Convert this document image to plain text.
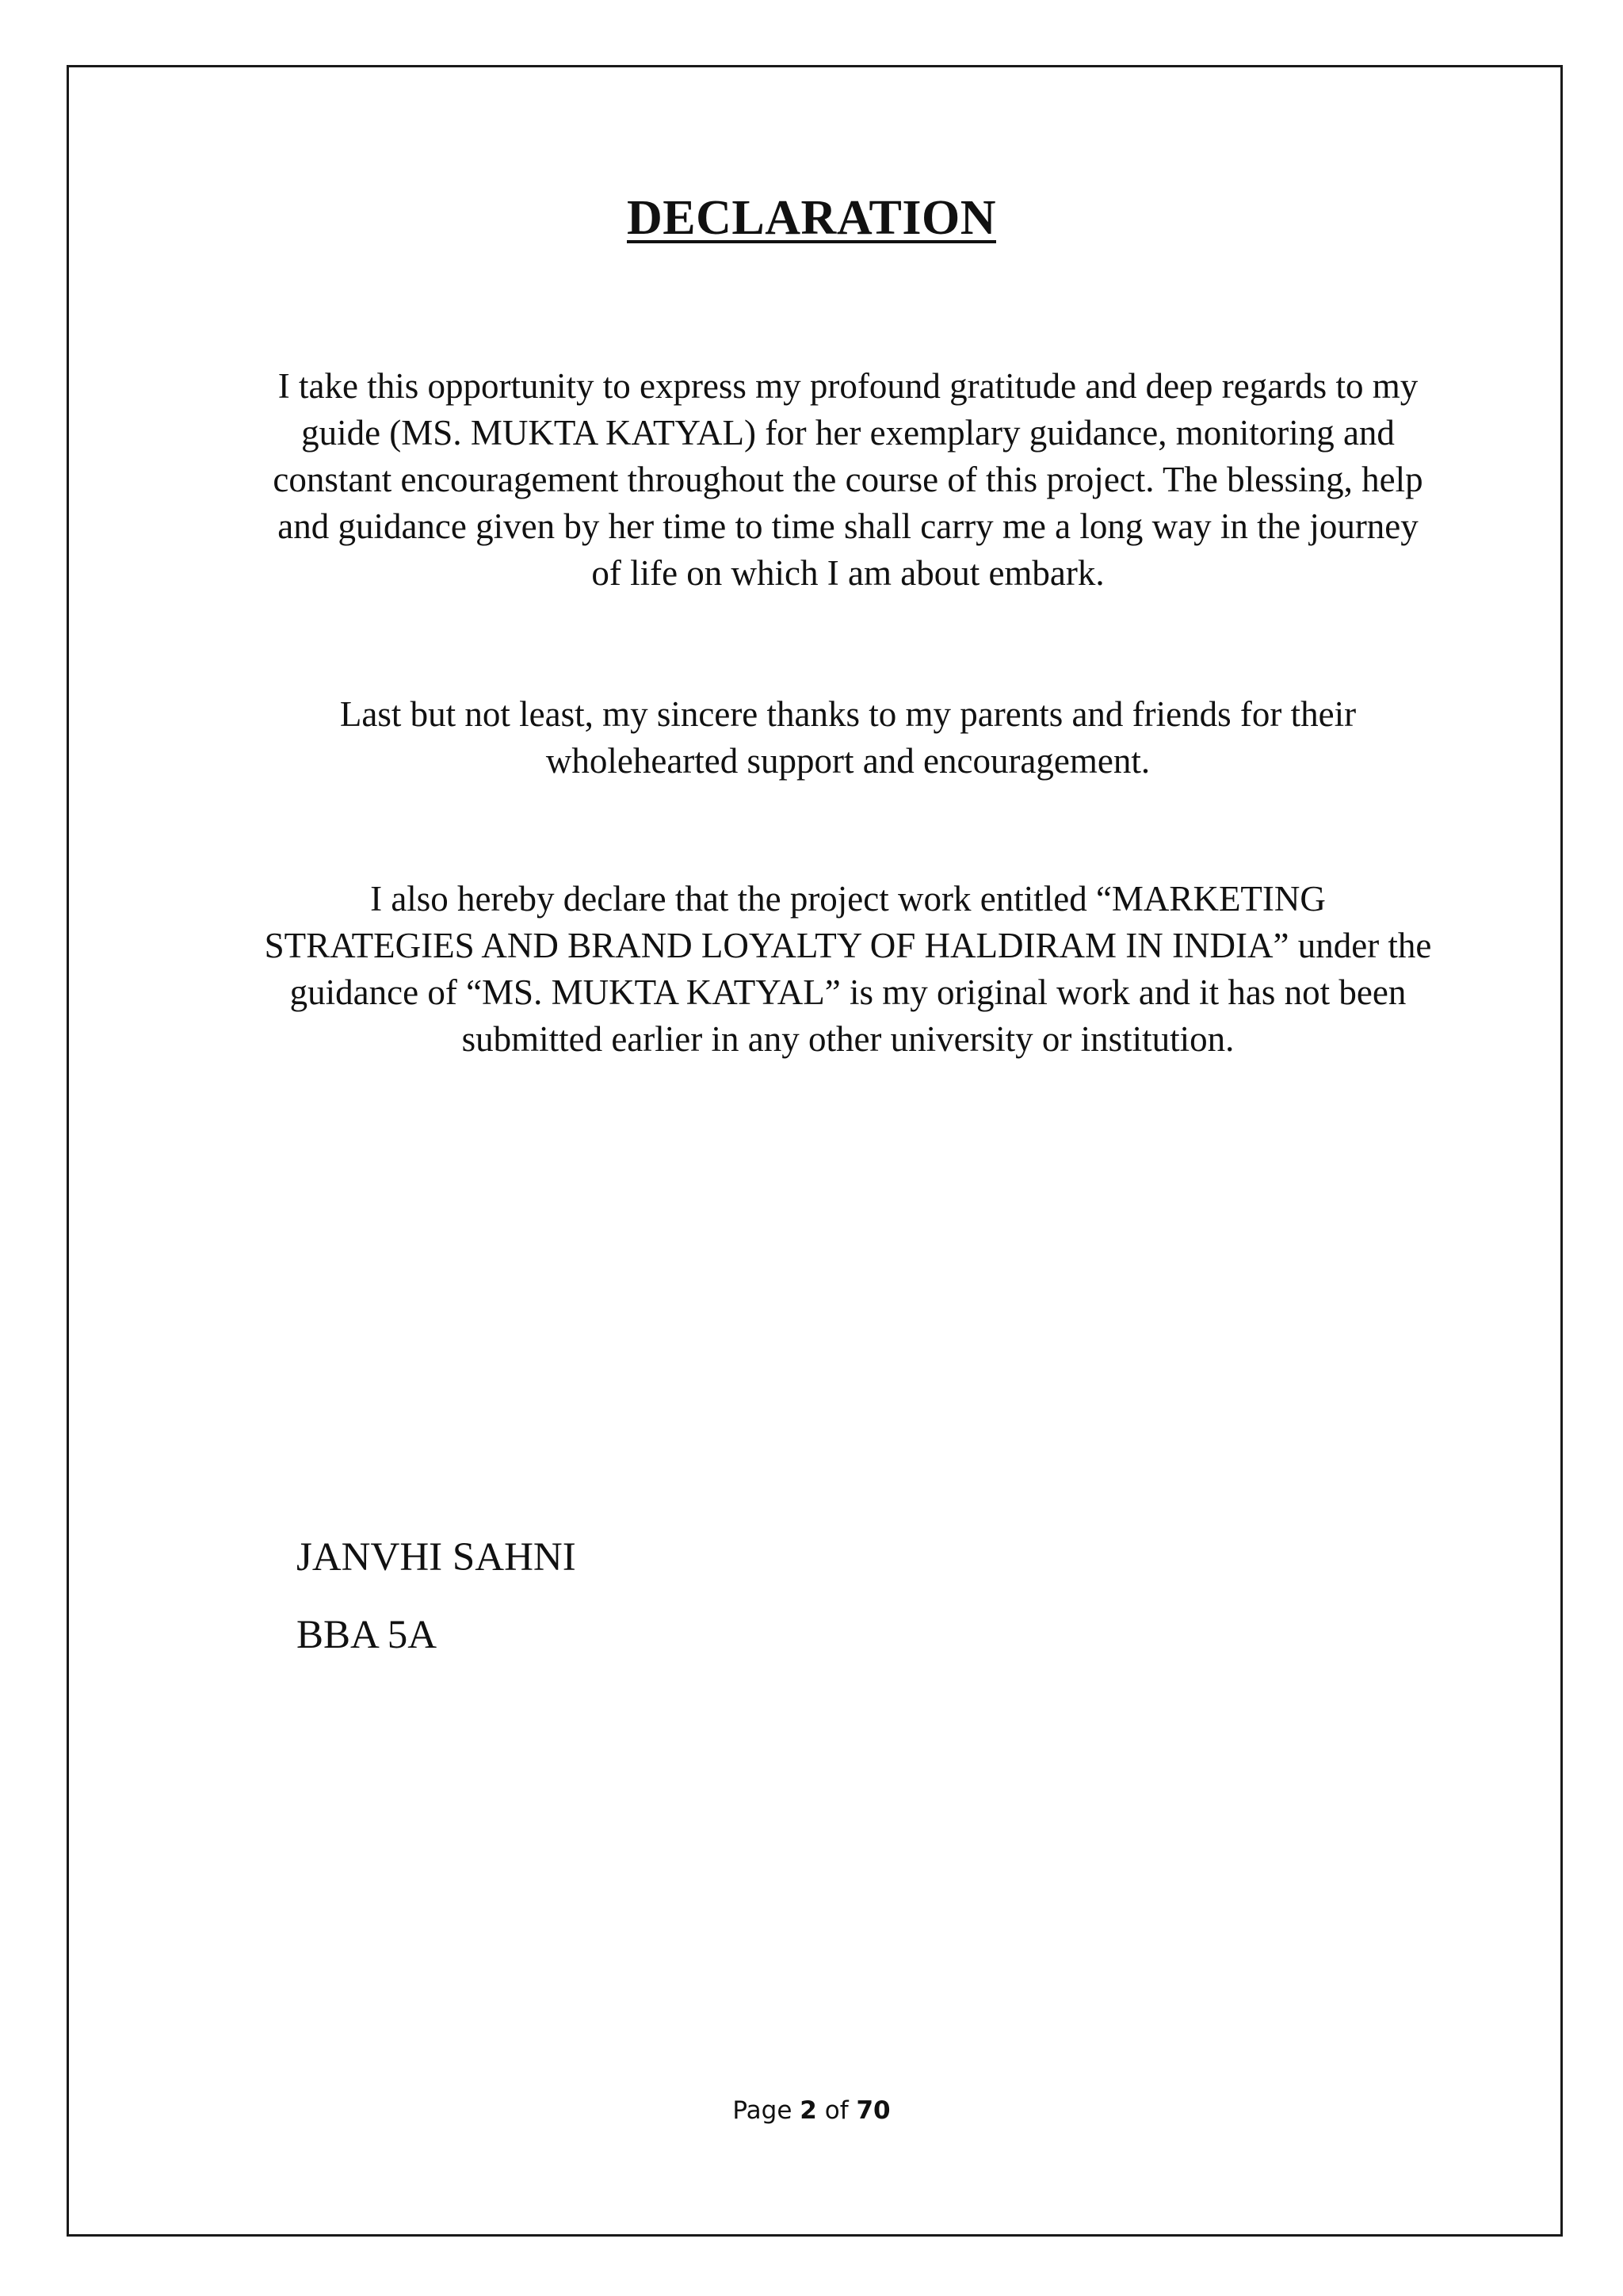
DECLARATION
I take this opportunity to express my profound gratitude and deep regards to my guide (MS. MUKTA KATYAL) for her exemplary guidance, monitoring and constant encouragement throughout the course of this project. The blessing, help and guidance given by her time to time shall carry me a long way in the journey of life on which I am about embark.
Last but not least, my sincere thanks to my parents and friends for their wholehearted support and encouragement.
I also hereby declare that the project work entitled “MARKETING STRATEGIES AND BRAND LOYALTY OF HALDIRAM IN INDIA” under the guidance of “MS. MUKTA KATYAL” is my original work and it has not been submitted earlier in any other university or institution.
JANVHI SAHNI
BBA 5A
Page 2 of 70
